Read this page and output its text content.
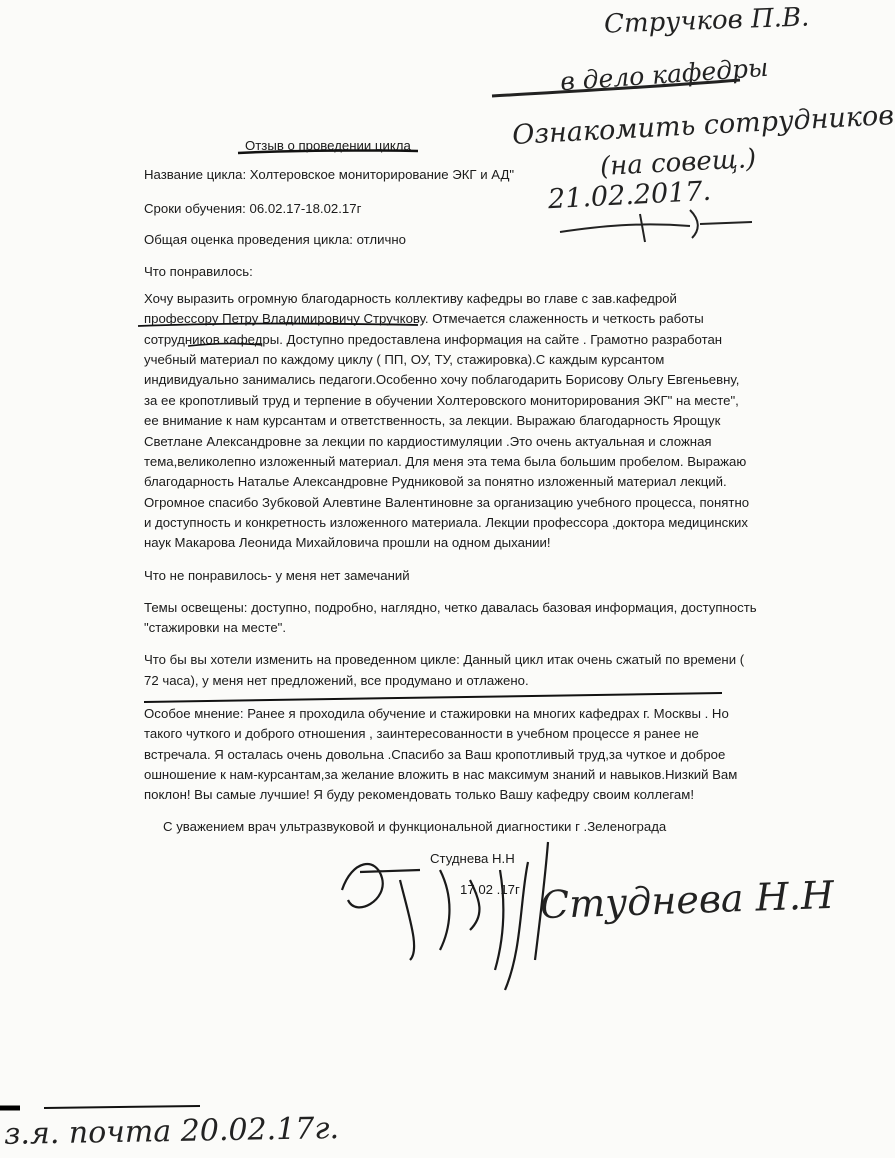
Стручков П.В.
в дело кафедры
Ознакомить сотрудников
(на совещ.)
21.02.2017.
Студнева Н.Н
з.я. почта 20.02.17г.
Отзыв о проведении цикла
Название цикла: Холтеровское мониторирование ЭКГ и АД"
Сроки обучения: 06.02.17-18.02.17г
Общая оценка проведения цикла: отлично
Что понравилось:
Хочу выразить огромную благодарность коллективу кафедры во главе с зав.кафедрой
профессору Петру Владимировичу Стручкову. Отмечается слаженность и четкость работы
сотрудников кафедры. Доступно предоставлена информация на сайте . Грамотно разработан
учебный материал по каждому циклу ( ПП, ОУ, ТУ, стажировка).С каждым курсантом
индивидуально занимались педагоги.Особенно хочу поблагодарить Борисову Ольгу Евгеньевну,
за ее кропотливый труд и терпение в обучении Холтеровского мониторирования ЭКГ" на месте",
ее внимание к нам курсантам и ответственность, за лекции. Выражаю благодарность Ярощук
Светлане Александровне за лекции по кардиостимуляции .Это очень актуальная и сложная
тема,великолепно изложенный материал. Для меня эта тема была большим пробелом. Выражаю
благодарность Наталье Александровне Рудниковой за понятно изложенный материал лекций.
Огромное спасибо Зубковой Алевтине Валентиновне за организацию учебного процесса, понятно
и доступность и конкретность изложенного материала. Лекции профессора ,доктора медицинских
наук Макарова Леонида Михайловича прошли на одном дыхании!
Что не понравилось- у меня нет замечаний
Темы освещены: доступно, подробно, наглядно, четко давалась базовая информация, доступность
"стажировки на месте".
Что бы вы хотели изменить на проведенном цикле: Данный цикл итак очень сжатый по времени (
72 часа), у меня нет предложений, все продумано и отлажено.
Особое мнение: Ранее я проходила обучение и стажировки на многих кафедрах г. Москвы . Но
такого чуткого и доброго отношения , заинтересованности в учебном процессе я ранее не
встречала. Я осталась очень довольна .Спасибо за Ваш кропотливый труд,за чуткое и доброе
ошношение к нам-курсантам,за желание вложить в нас максимум знаний и навыков.Низкий Вам
поклон! Вы самые лучшие! Я буду рекомендовать только Вашу кафедру своим коллегам!
С уважением врач ультразвуковой и функциональной диагностики г .Зеленограда
Студнева Н.Н
17.02 .17г
